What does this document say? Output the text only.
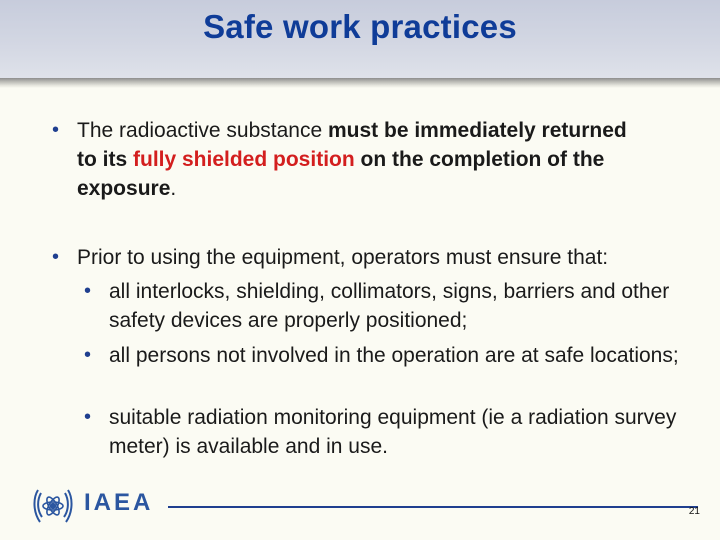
Safe work practices
• The radioactive substance must be immediately returned to its fully shielded position on the completion of the exposure.
• Prior to using the equipment, operators must ensure that:
• all interlocks, shielding, collimators, signs, barriers and other safety devices are properly positioned;
• all persons not involved in the operation are at safe locations;
• suitable radiation monitoring equipment (ie a radiation survey meter) is available and in use.
IAEA	21
